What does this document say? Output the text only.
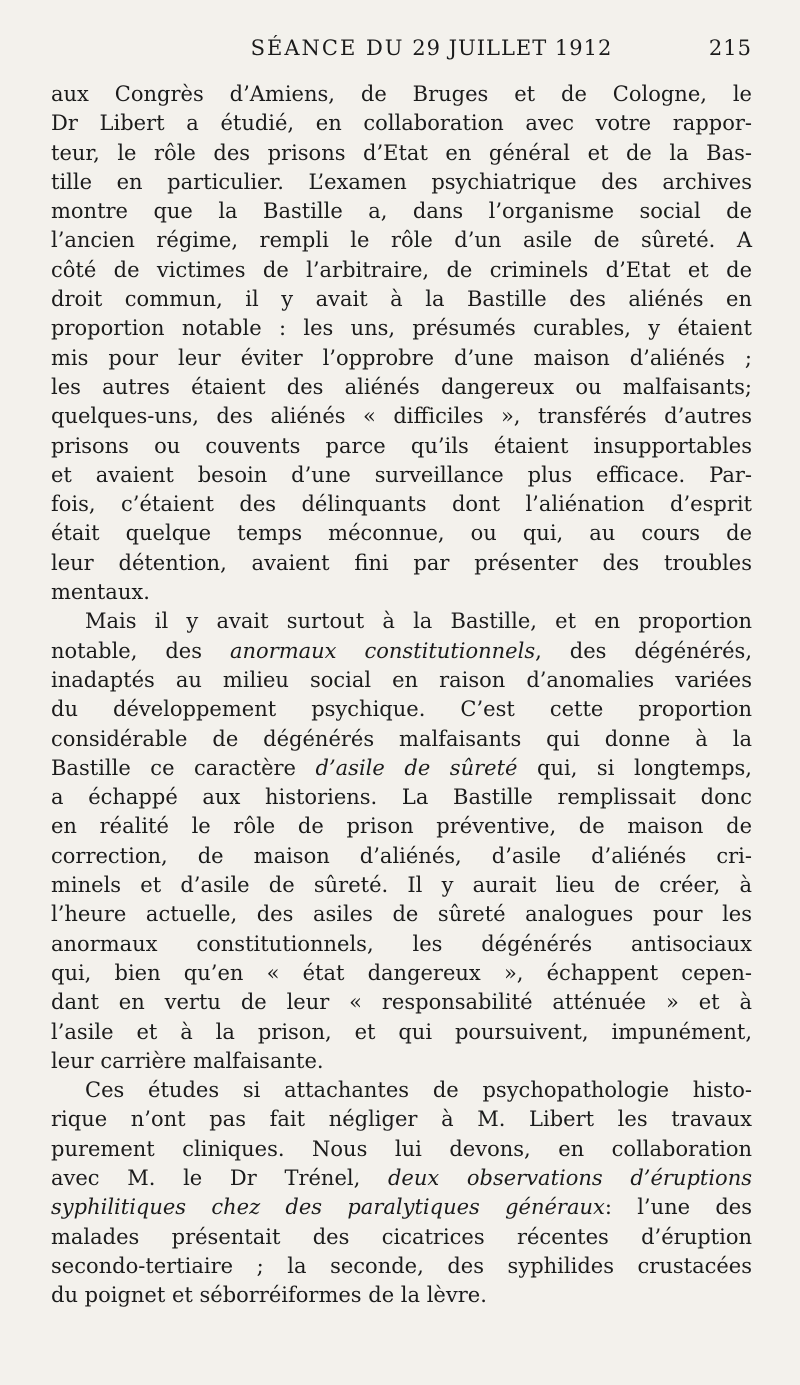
SÉANCE DU 29 JUILLET 1912	215
aux Congrès d’Amiens, de Bruges et de Cologne, le
Dr Libert a étudié, en collaboration avec votre rappor-
teur, le rôle des prisons d’Etat en général et de la Bas-
tille en particulier. L’examen psychiatrique des archives
montre que la Bastille a, dans l’organisme social de
l’ancien régime, rempli le rôle d’un asile de sûreté. A
côté de victimes de l’arbitraire, de criminels d’Etat et de
droit commun, il y avait à la Bastille des aliénés en
proportion notable : les uns, présumés curables, y étaient
mis pour leur éviter l’opprobre d’une maison d’aliénés ;
les autres étaient des aliénés dangereux ou malfaisants;
quelques-uns, des aliénés « difficiles », transférés d’autres
prisons ou couvents parce qu’ils étaient insupportables
et avaient besoin d’une surveillance plus efficace. Par-
fois, c’étaient des délinquants dont l’aliénation d’esprit
était quelque temps méconnue, ou qui, au cours de
leur détention, avaient fini par présenter des troubles
mentaux.
Mais il y avait surtout à la Bastille, et en proportion
notable, des anormaux constitutionnels, des dégénérés,
inadaptés au milieu social en raison d’anomalies variées
du développement psychique. C’est cette proportion
considérable de dégénérés malfaisants qui donne à la
Bastille ce caractère d’asile de sûreté qui, si longtemps,
a échappé aux historiens. La Bastille remplissait donc
en réalité le rôle de prison préventive, de maison de
correction, de maison d’aliénés, d’asile d’aliénés cri-
minels et d’asile de sûreté. Il y aurait lieu de créer, à
l’heure actuelle, des asiles de sûreté analogues pour les
anormaux constitutionnels, les dégénérés antisociaux
qui, bien qu’en « état dangereux », échappent cepen-
dant en vertu de leur « responsabilité atténuée » et à
l’asile et à la prison, et qui poursuivent, impunément,
leur carrière malfaisante.
Ces études si attachantes de psychopathologie histo-
rique n’ont pas fait négliger à M. Libert les travaux
purement cliniques. Nous lui devons, en collaboration
avec M. le Dr Trénel, deux observations d’éruptions
syphilitiques chez des paralytiques généraux: l’une des
malades présentait des cicatrices récentes d’éruption
secondo-tertiaire ; la seconde, des syphilides crustacées
du poignet et séborréiformes de la lèvre.
